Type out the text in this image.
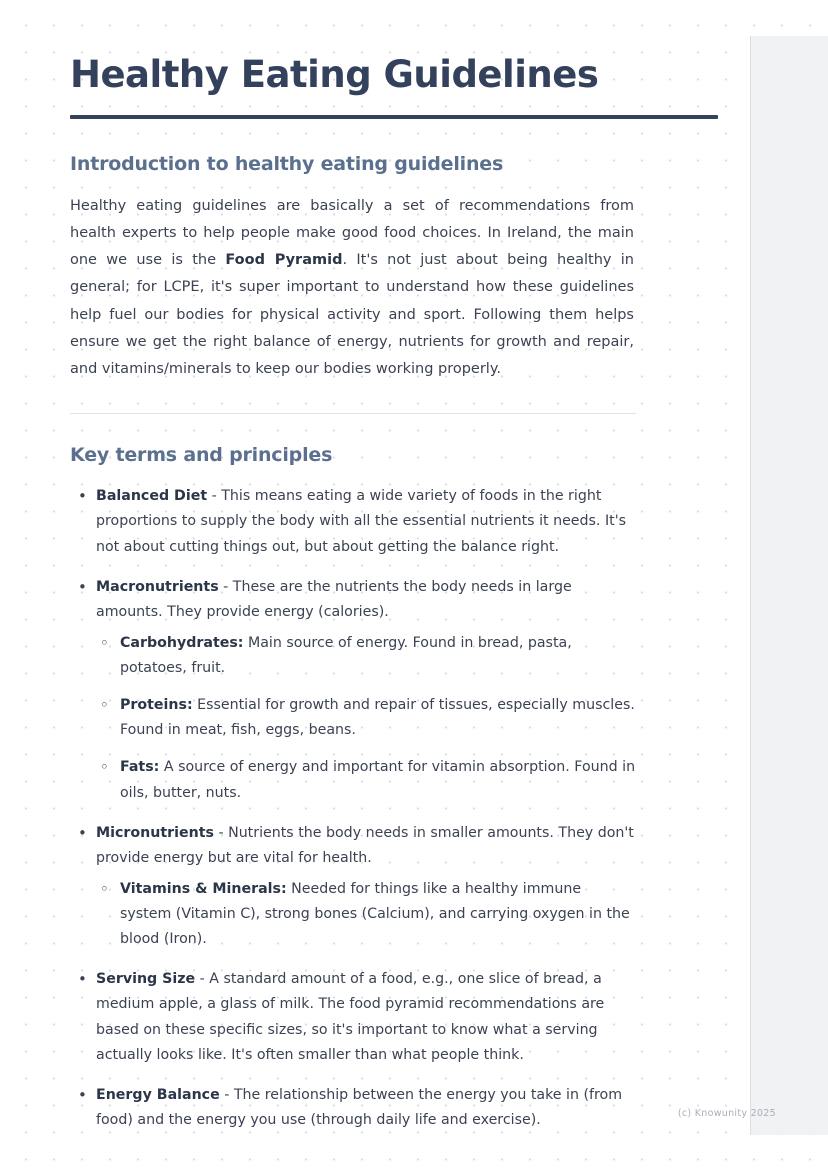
Healthy Eating Guidelines
Introduction to healthy eating guidelines

Healthy eating guidelines are basically a set of recommendations from health experts to help people make good food choices. In Ireland, the main one we use is the Food Pyramid. It's not just about being healthy in general; for LCPE, it's super important to understand how these guidelines help fuel our bodies for physical activity and sport. Following them helps ensure we get the right balance of energy, nutrients for growth and repair, and vitamins/minerals to keep our bodies working properly.

Key terms and principles
• Balanced Diet - This means eating a wide variety of foods in the right proportions to supply the body with all the essential nutrients it needs. It's not about cutting things out, but about getting the balance right.
• Macronutrients - These are the nutrients the body needs in large amounts. They provide energy (calories).
◦ Carbohydrates: Main source of energy. Found in bread, pasta, potatoes, fruit.
◦ Proteins: Essential for growth and repair of tissues, especially muscles. Found in meat, fish, eggs, beans.
◦ Fats: A source of energy and important for vitamin absorption. Found in oils, butter, nuts.
• Micronutrients - Nutrients the body needs in smaller amounts. They don't provide energy but are vital for health.
◦ Vitamins & Minerals: Needed for things like a healthy immune system (Vitamin C), strong bones (Calcium), and carrying oxygen in the blood (Iron).
• Serving Size - A standard amount of a food, e.g., one slice of bread, a medium apple, a glass of milk. The food pyramid recommendations are based on these specific sizes, so it's important to know what a serving actually looks like. It's often smaller than what people think.
• Energy Balance - The relationship between the energy you take in (from food) and the energy you use (through daily life and exercise).	(c) Knowunity 2025
